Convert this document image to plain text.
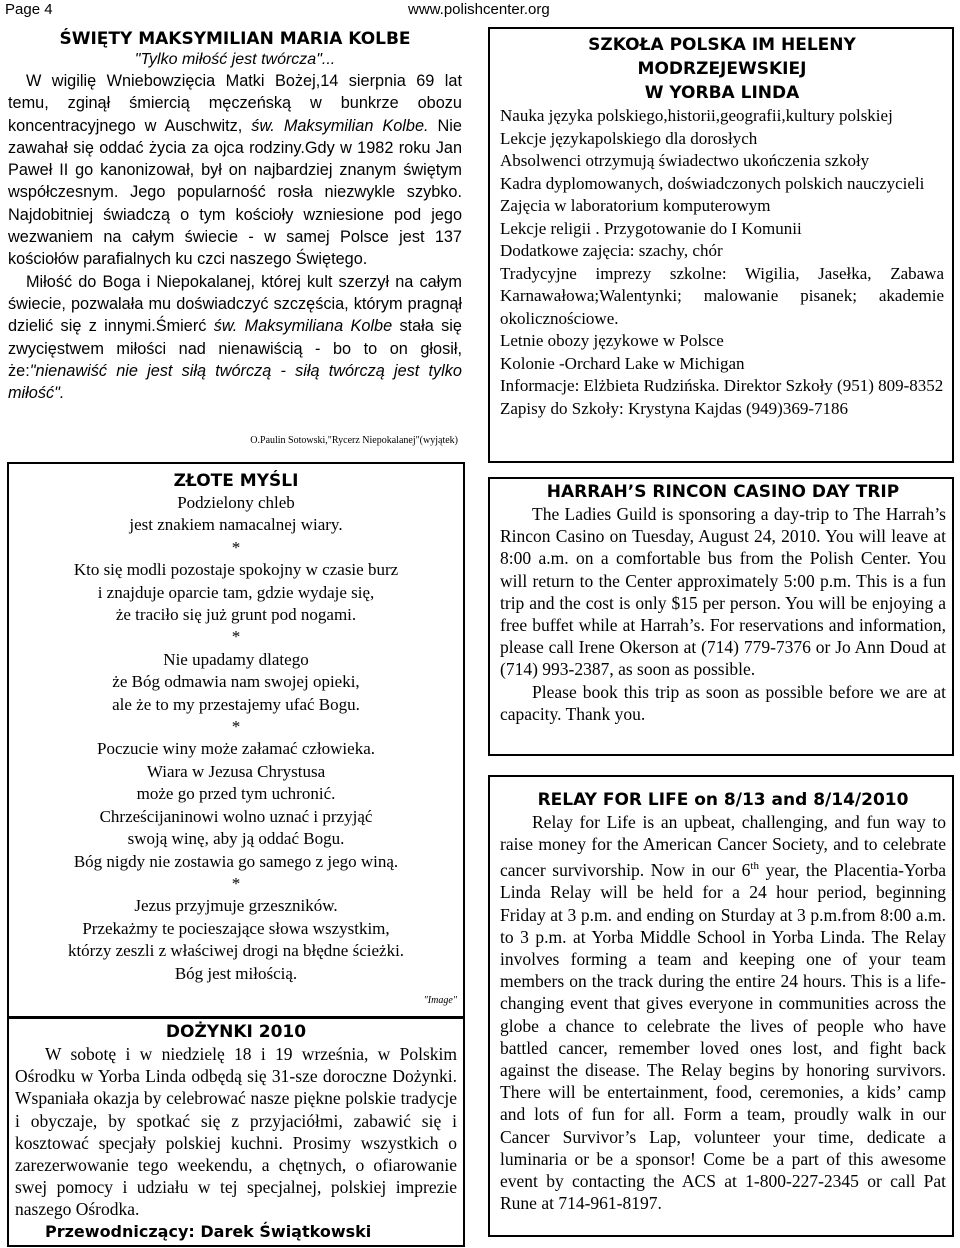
Page 4	www.polishcenter.org
ŚWIĘTY MAKSYMILIAN MARIA KOLBE
"Tylko miłość jest twórcza"...

W wigilię Wniebowzięcia Matki Bożej,14 sierpnia 69 lat temu, zginął śmiercią męczeńską w bunkrze obozu koncentracyjnego w Auschwitz, św. Maksymilian Kolbe. Nie zawahał się oddać życia za ojca rodziny.Gdy w 1982 roku Jan Paweł II go kanonizował, był on najbardziej znanym świętym współczesnym. Jego popularność rosła niezwykle szybko. Najdobitniej świadczą o tym kościoły wzniesione pod jego wezwaniem na całym świecie - w samej Polsce jest 137 kościołów parafialnych ku czci naszego Świętego.

Miłość do Boga i Niepokalanej, której kult szerzył na całym świecie, pozwalała mu doświadczyć szczęścia, którym pragnął dzielić się z innymi.Śmierć św. Maksymiliana Kolbe stała się zwycięstwem miłości nad nienawiścią - bo to on głosił, że:"nienawiść nie jest siłą twórczą - siłą twórczą jest tylko miłość".

O.Paulin Sotowski,"Rycerz Niepokalanej"(wyjątek)
ZŁOTE MYŚLI
Podzielony chleb
jest znakiem namacalnej wiary.
*
Kto się modli pozostaje spokojny w czasie burz
i znajduje oparcie tam, gdzie wydaje się,
że traciło się już grunt pod nogami.
*
Nie upadamy dlatego
że Bóg odmawia nam swojej opieki,
ale że to my przestajemy ufać Bogu.
*
Poczucie winy może załamać człowieka.
Wiara w Jezusa Chrystusa
może go przed tym uchronić.
Chrześcijaninowi wolno uznać i przyjąć
swoją winę, aby ją oddać Bogu.
Bóg nigdy nie zostawia go samego z jego winą.
*
Jezus przyjmuje grzeszników.
Przekażmy te pocieszające słowa wszystkim,
którzy zeszli z właściwej drogi na błędne ścieżki.
Bóg jest miłością.
"Image"
DOŻYNKI 2010
W sobotę i w niedzielę 18 i 19 września, w Polskim Ośrodku w Yorba Linda odbędą się 31-sze doroczne Dożynki. Wspaniała okazja by celebrować nasze piękne polskie tradycje i obyczaje, by spotkać się z przyjaciółmi, zabawić się i kosztować specjały polskiej kuchni. Prosimy wszystkich o zarezerwowanie tego weekendu, a chętnych, o ofiarowanie swej pomocy i udziału w tej specjalnej, polskiej imprezie naszego Ośrodka.
Przewodniczący: Darek Świątkowski
SZKOŁA POLSKA IM HELENY
MODRZEJEWSKIEJ
W YORBA LINDA
Nauka języka polskiego,historii,geografii,kultury polskiej
Lekcje językapolskiego dla dorosłych
Absolwenci otrzymują świadectwo ukończenia szkoły
Kadra dyplomowanych, doświadczonych polskich nauczycieli
Zajęcia w laboratorium komputerowym
Lekcje religii . Przygotowanie do I Komunii
Dodatkowe zajęcia: szachy, chór
Tradycyjne imprezy szkolne: Wigilia, Jasełka, Zabawa Karnawałowa;Walentynki; malowanie pisanek; akademie okolicznościowe.
Letnie obozy językowe w Polsce
Kolonie -Orchard Lake w Michigan
Informacje: Elżbieta Rudzińska. Direktor Szkoły (951) 809-8352
Zapisy do Szkoły: Krystyna Kajdas (949)369-7186
HARRAH’S RINCON CASINO DAY TRIP
The Ladies Guild is sponsoring a day-trip to The Harrah’s Rincon Casino on Tuesday, August 24, 2010. You will leave at 8:00 a.m. on a comfortable bus from the Polish Center. You will return to the Center approximately 5:00 p.m. This is a fun trip and the cost is only $15 per person. You will be enjoying a free buffet while at Harrah’s. For reservations and information, please call Irene Okerson at (714) 779-7376 or Jo Ann Doud at (714) 993-2387, as soon as possible.
Please book this trip as soon as possible before we are at capacity. Thank you.
RELAY FOR LIFE on 8/13 and 8/14/2010
Relay for Life is an upbeat, challenging, and fun way to raise money for the American Cancer Society, and to celebrate cancer survivorship. Now in our 6th year, the Placentia-Yorba Linda Relay will be held for a 24 hour period, beginning Friday at 3 p.m. and ending on Sturday at 3 p.m.from 8:00 a.m. to 3 p.m. at Yorba Middle School in Yorba Linda. The Relay involves forming a team and keeping one of your team members on the track during the entire 24 hours. This is a life-changing event that gives everyone in communities across the globe a chance to celebrate the lives of people who have battled cancer, remember loved ones lost, and fight back against the disease. The Relay begins by honoring survivors. There will be entertainment, food, ceremonies, a kids’ camp and lots of fun for all. Form a team, proudly walk in our Cancer Survivor’s Lap, volunteer your time, dedicate a luminaria or be a sponsor! Come be a part of this awesome event by contacting the ACS at 1-800-227-2345 or call Pat Rune at 714-961-8197.
